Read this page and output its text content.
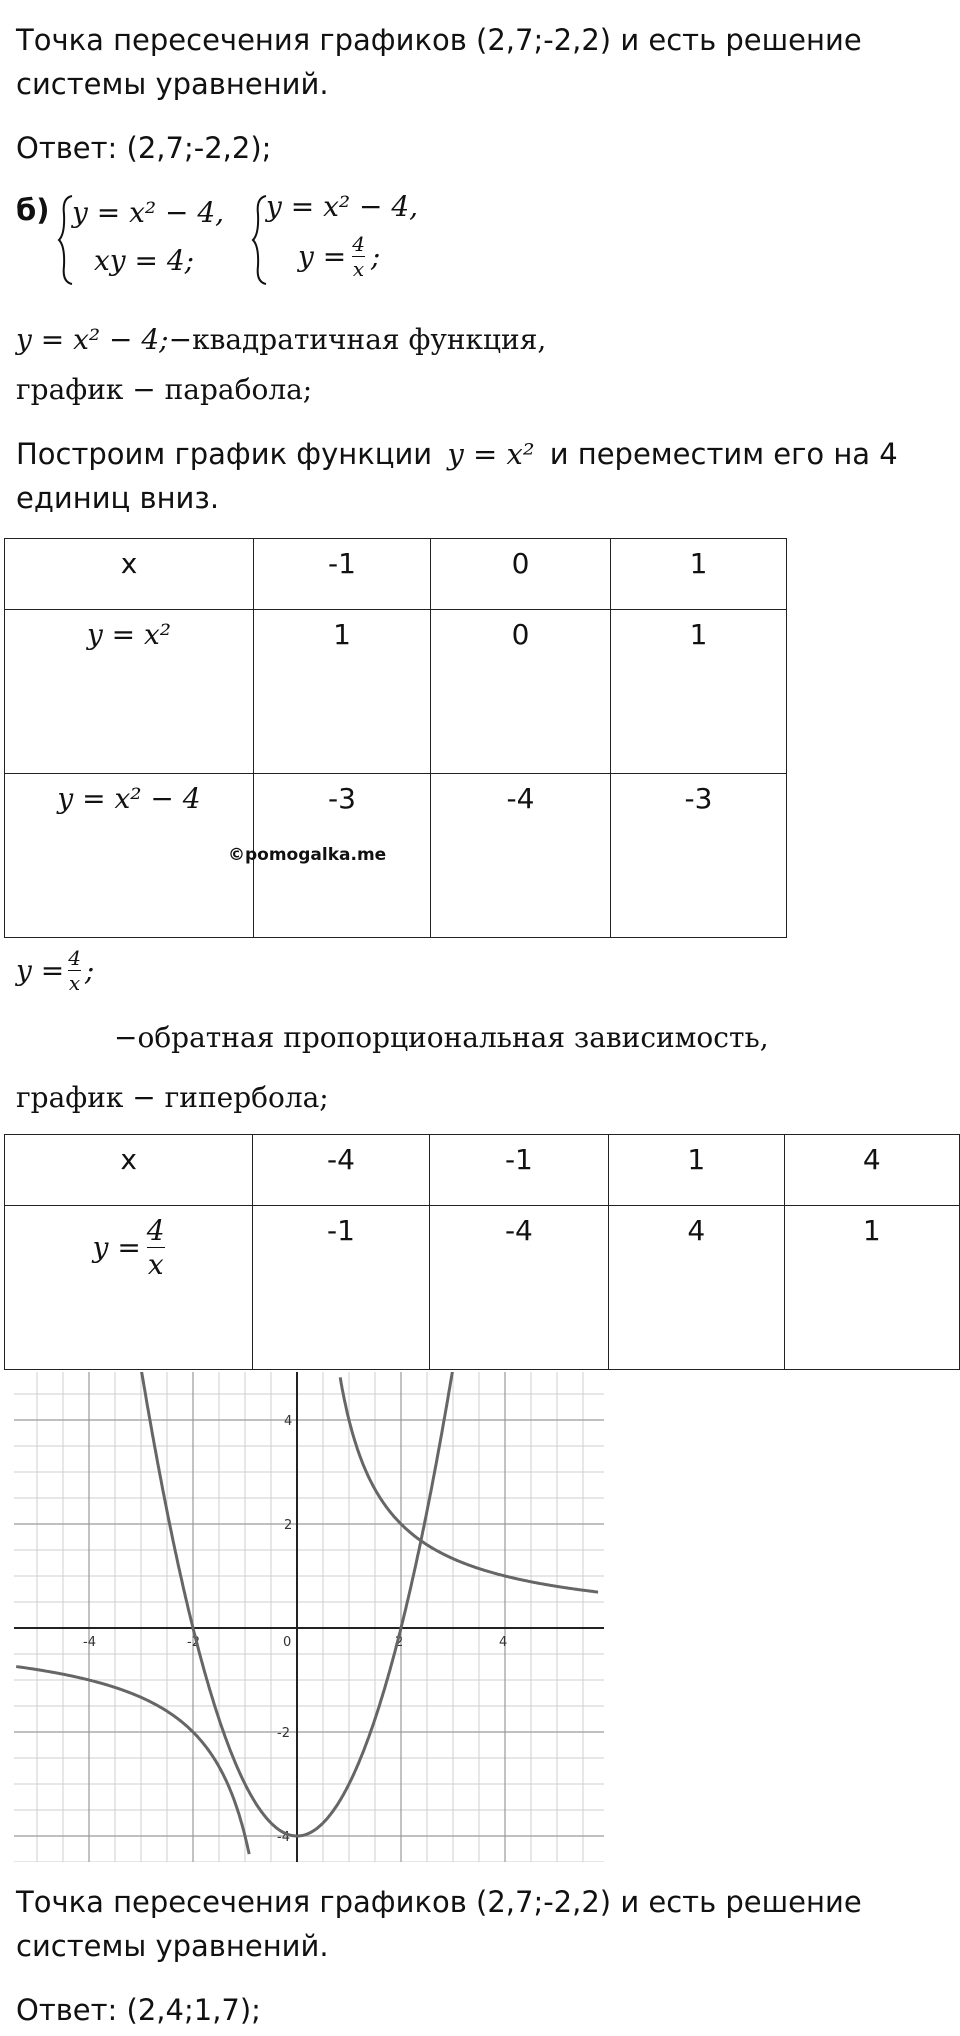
Точка пересечения графиков (2,7;-2,2) и есть решение
системы уравнений.
Ответ: (2,7;-2,2);
б) y = x² − 4,
xy = 4;
y = x² − 4,
$y = \frac{4}{x}$ ;
y = x² − 4;−квадратичная функция,
график − парабола;
Построим график функции y = x² и переместим его на 4
единиц вниз.
x	-1	0	1
y = x²	1	0	1
y = x² − 4	-3	-4	-3
©pomogalka.me
$y = \frac{4}{x}$ ;
−обратная пропорциональная зависимость,
график − гипербола;
x	-4	-1	1	4

$y = \frac{4}{x}$	-1	-4	4	1
-4	-2	0	2	4
4
2
-2
-4
Точка пересечения графиков (2,7;-2,2) и есть решение
системы уравнений.
Ответ: (2,4;1,7);
